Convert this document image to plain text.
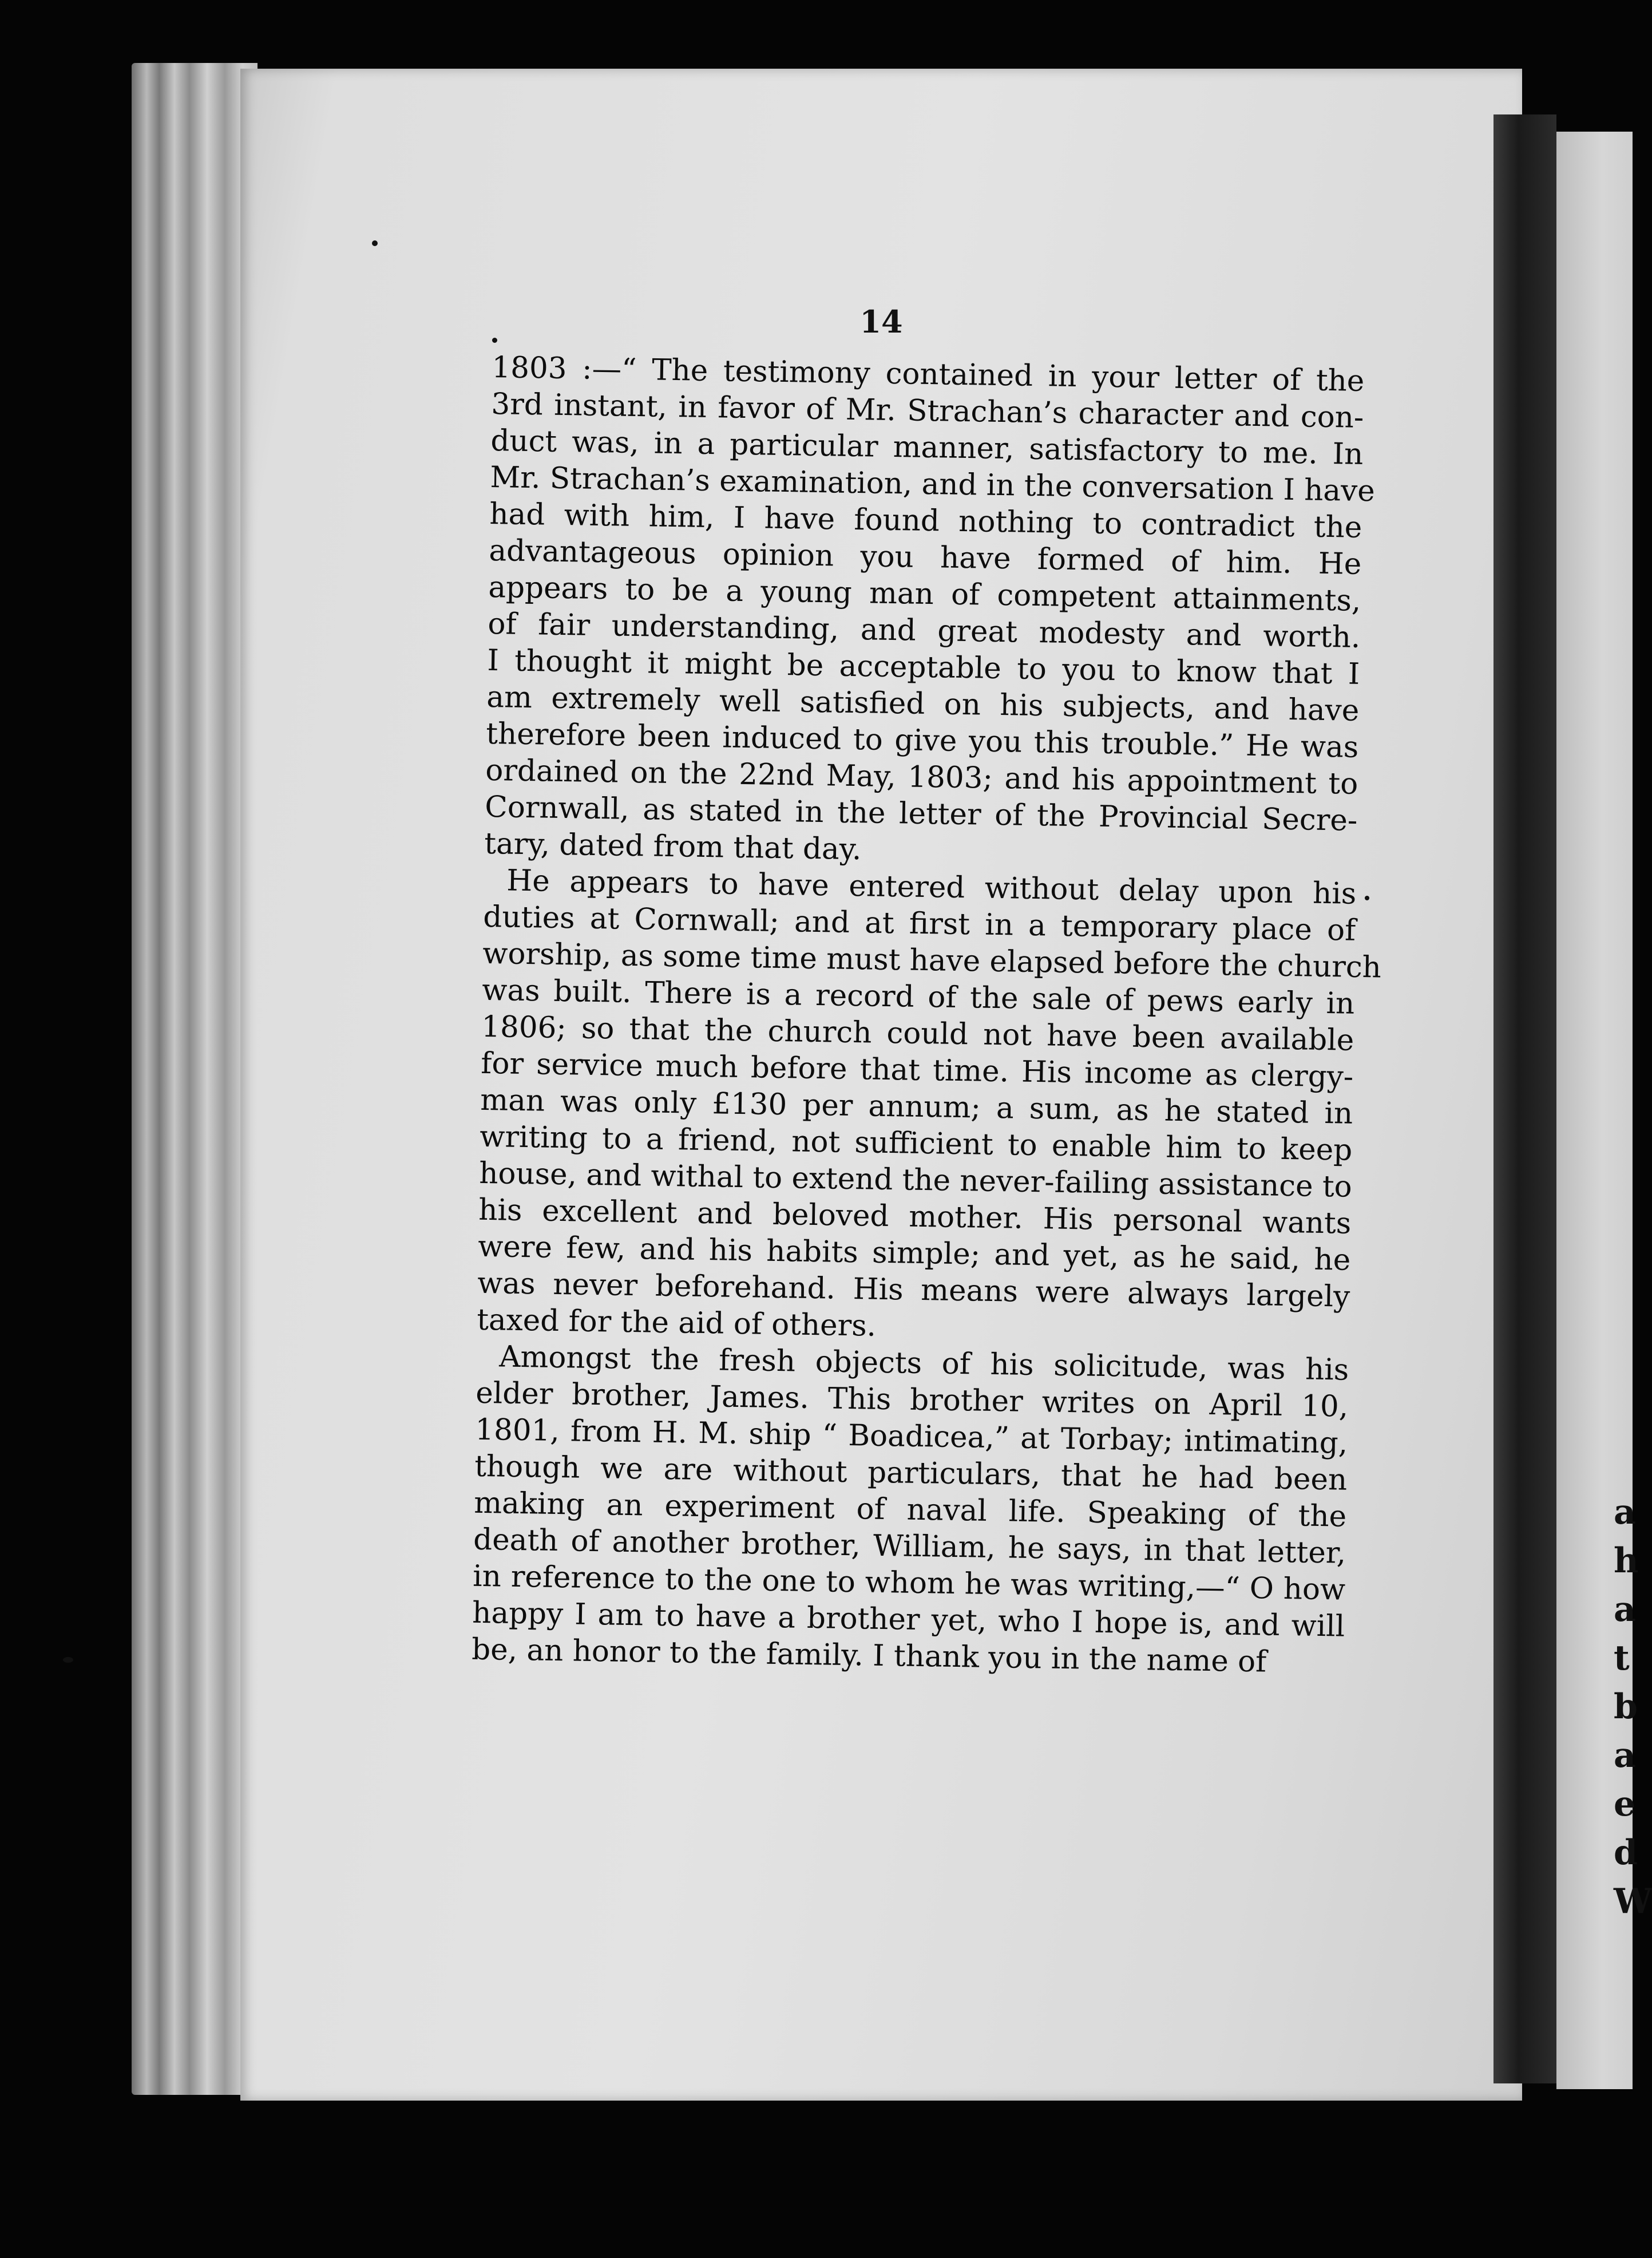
14
a
h
a
t
b
a
e
d
W
1803 :—“ The testimony contained in your letter of the
3rd instant, in favor of Mr. Strachan’s character and con-
duct was, in a particular manner, satisfactory to me. In
Mr. Strachan’s examination, and in the conversation I have
had with him, I have found nothing to contradict the
advantageous opinion you have formed of him. He
appears to be a young man of competent attainments,
of fair understanding, and great modesty and worth.
I thought it might be acceptable to you to know that I
am extremely well satisfied on his subjects, and have
therefore been induced to give you this trouble.” He was
ordained on the 22nd May, 1803; and his appointment to
Cornwall, as stated in the letter of the Provincial Secre-
tary, dated from that day.
He appears to have entered without delay upon his
duties at Cornwall; and at first in a temporary place of
worship, as some time must have elapsed before the church
was built. There is a record of the sale of pews early in
1806; so that the church could not have been available
for service much before that time. His income as clergy-
man was only £130 per annum; a sum, as he stated in
writing to a friend, not sufficient to enable him to keep
house, and withal to extend the never-failing assistance to
his excellent and beloved mother. His personal wants
were few, and his habits simple; and yet, as he said, he
was never beforehand. His means were always largely
taxed for the aid of others.
Amongst the fresh objects of his solicitude, was his
elder brother, James. This brother writes on April 10,
1801, from H. M. ship “ Boadicea,” at Torbay; intimating,
though we are without particulars, that he had been
making an experiment of naval life. Speaking of the
death of another brother, William, he says, in that letter,
in reference to the one to whom he was writing,—“ O how
happy I am to have a brother yet, who I hope is, and will
be, an honor to the family. I thank you in the name of
